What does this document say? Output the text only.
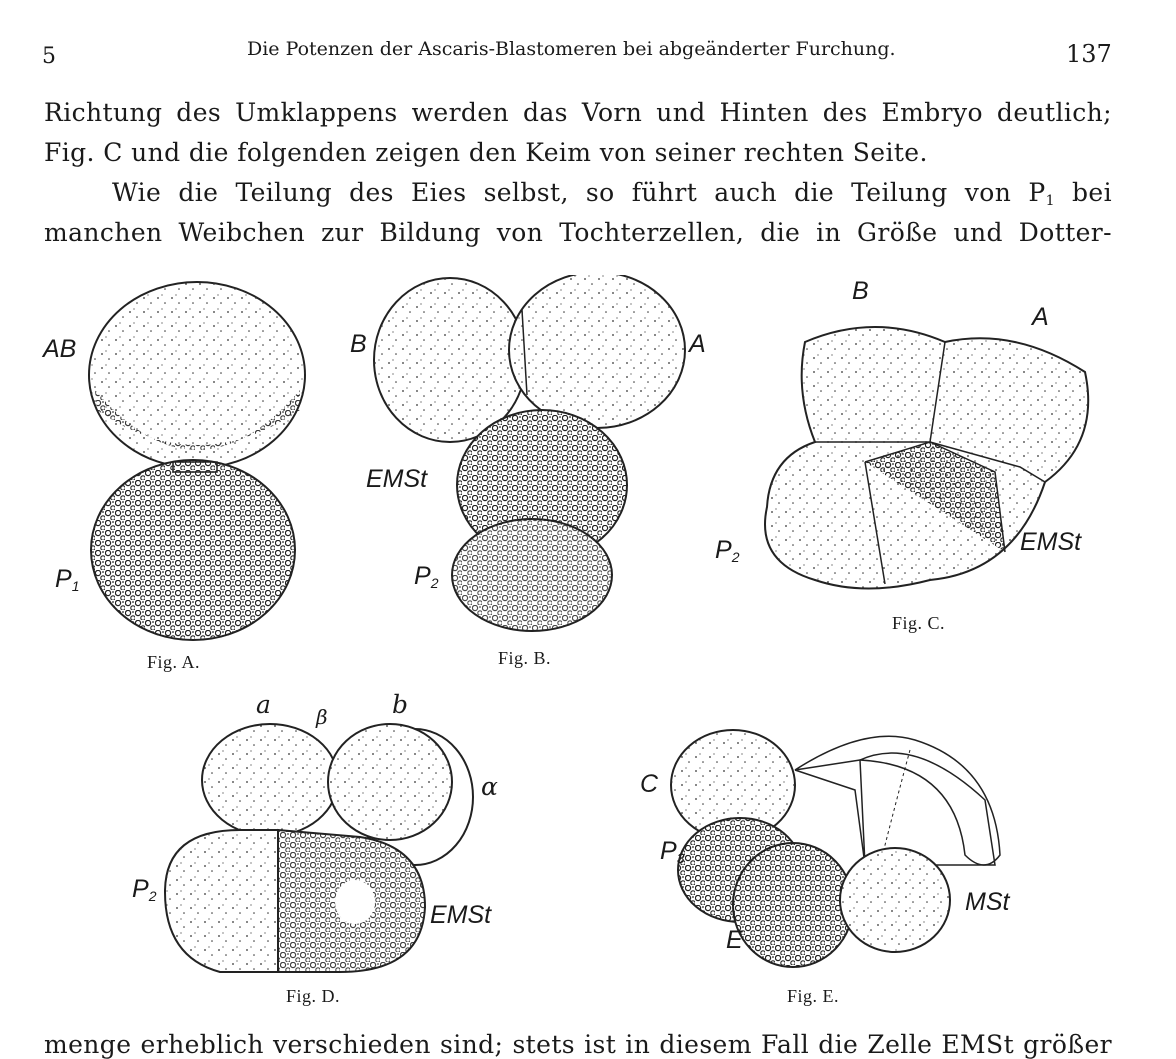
5	Die Potenzen der Ascaris-Blastomeren bei abgeänderter Furchung.	137
Richtung des Umklappens werden das Vorn und Hinten des Embryo deutlich;
Fig. C und die folgenden zeigen den Keim von seiner rechten Seite.
Wie die Teilung des Eies selbst, so führt auch die Teilung von $P_1$ bei
manchen Weibchen zur Bildung von Tochterzellen, die in Größe und Dotter-
menge erheblich verschieden sind; stets ist in diesem Fall die Zelle EMSt größer
AB
$P_1$
Fig. A.
B	A
EMSt
$P_2$
Fig. B.
B
A
EMSt
$P_2$
Fig. C.
a β	b
α
EMSt
$P_2$
Fig. D.
C
$P_3$
E
MSt
Fig. E.
